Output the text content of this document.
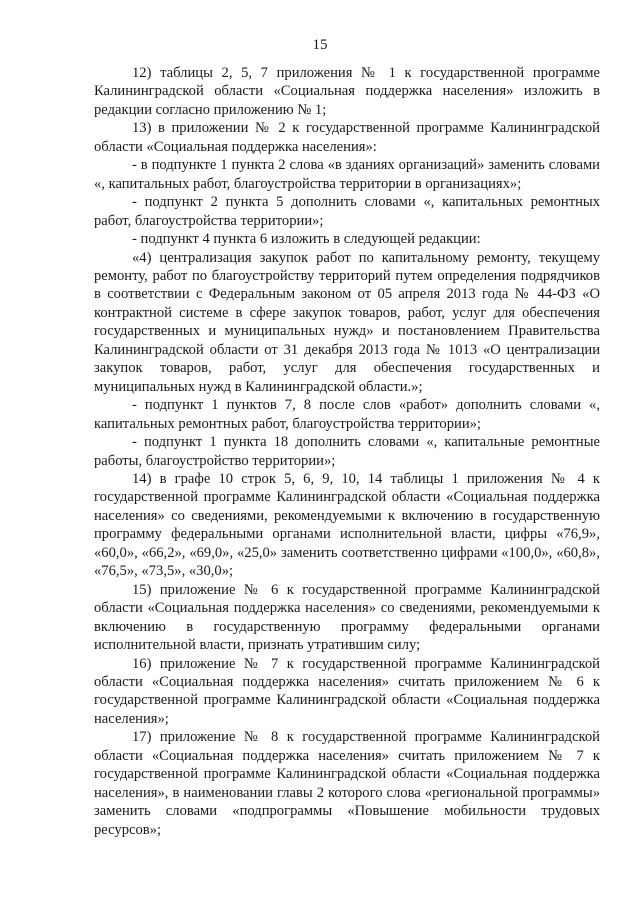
15

12) таблицы 2, 5, 7 приложения № 1 к государственной программе Калининградской области «Социальная поддержка населения» изложить в редакции согласно приложению № 1;

13) в приложении № 2 к государственной программе Калининградской области «Социальная поддержка населения»:

- в подпункте 1 пункта 2 слова «в зданиях организаций» заменить словами «, капитальных работ, благоустройства территории в организациях»;

- подпункт 2 пункта 5 дополнить словами «, капитальных ремонтных работ, благоустройства территории»;

- подпункт 4 пункта 6 изложить в следующей редакции:

«4) централизация закупок работ по капитальному ремонту, текущему ремонту, работ по благоустройству территорий путем определения подрядчиков в соответствии с Федеральным законом от 05 апреля 2013 года № 44-ФЗ «О контрактной системе в сфере закупок товаров, работ, услуг для обеспечения государственных и муниципальных нужд» и постановлением Правительства Калининградской области от 31 декабря 2013 года № 1013 «О централизации закупок товаров, работ, услуг для обеспечения государственных и муниципальных нужд в Калининградской области.»;

- подпункт 1 пунктов 7, 8 после слов «работ» дополнить словами «, капитальных ремонтных работ, благоустройства территории»;

- подпункт 1 пункта 18 дополнить словами «, капитальные ремонтные работы, благоустройство территории»;

14) в графе 10 строк 5, 6, 9, 10, 14 таблицы 1 приложения № 4 к государственной программе Калининградской области «Социальная поддержка населения» со сведениями, рекомендуемыми к включению в государственную программу федеральными органами исполнительной власти, цифры «76,9», «60,0», «66,2», «69,0», «25,0» заменить соответственно цифрами «100,0», «60,8», «76,5», «73,5», «30,0»;

15) приложение № 6 к государственной программе Калининградской области «Социальная поддержка населения» со сведениями, рекомендуемыми к включению в государственную программу федеральными органами исполнительной власти, признать утратившим силу;

16) приложение № 7 к государственной программе Калининградской области «Социальная поддержка населения» считать приложением № 6 к государственной программе Калининградской области «Социальная поддержка населения»;

17) приложение № 8 к государственной программе Калининградской области «Социальная поддержка населения» считать приложением № 7 к государственной программе Калининградской области «Социальная поддержка населения», в наименовании главы 2 которого слова «региональной программы» заменить словами «подпрограммы «Повышение мобильности трудовых ресурсов»;
